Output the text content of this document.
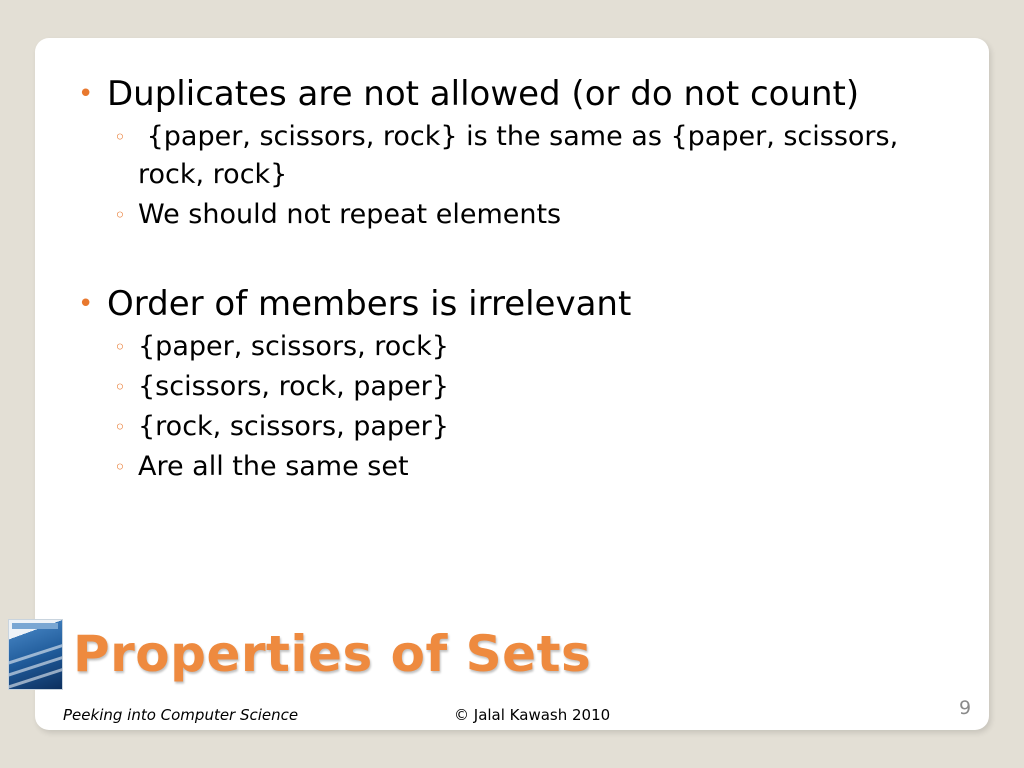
• Duplicates are not allowed (or do not count)

◦ {paper, scissors, rock} is the same as {paper, scissors, rock, rock}

◦ We should not repeat elements

• Order of members is irrelevant

◦ {paper, scissors, rock}

◦ {scissors, rock, paper}

◦ {rock, scissors, paper}

◦ Are all the same set

Properties of Sets
Peeking into Computer Science	© Jalal Kawash 2010	9
